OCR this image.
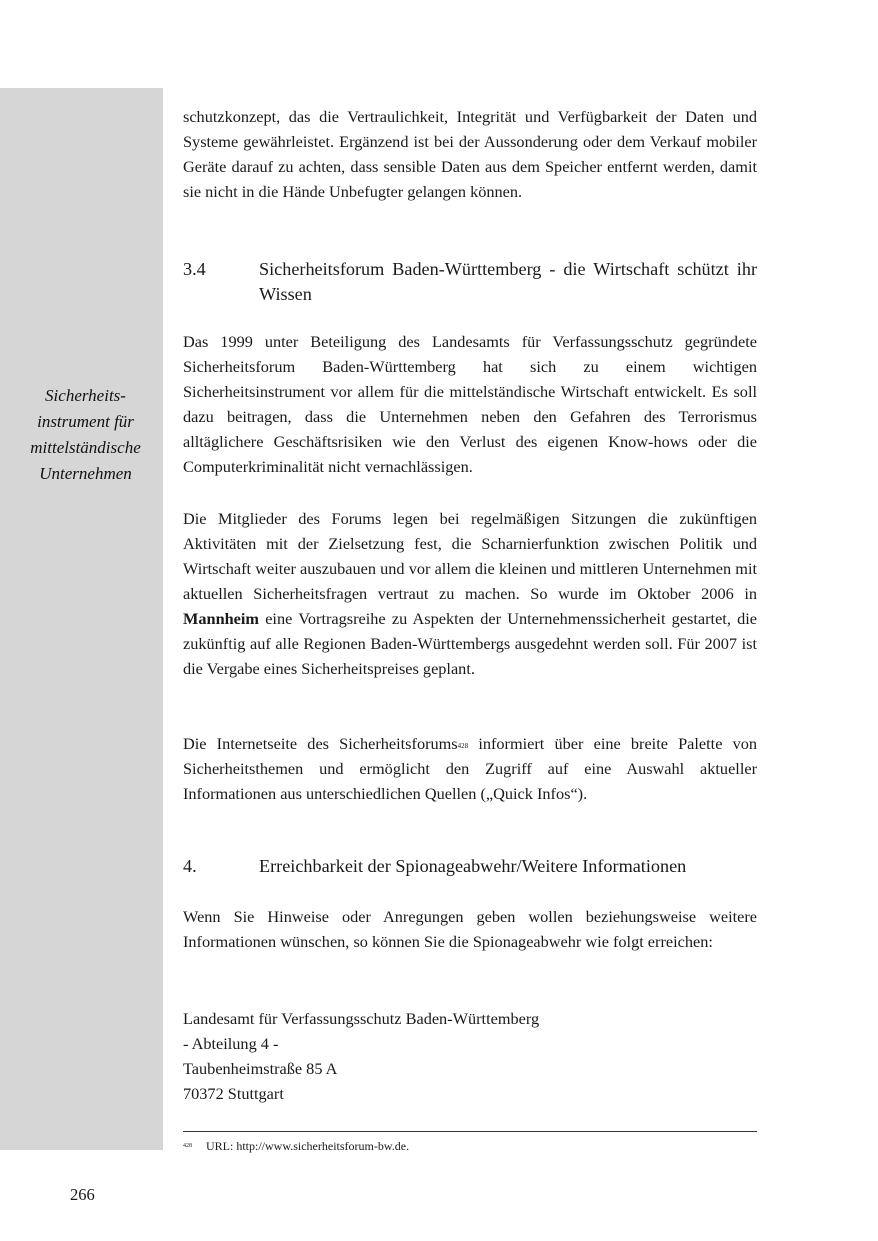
Sicherheits-
instrument für
mittelständische
Unternehmen

schutzkonzept, das die Vertraulichkeit, Integrität und Verfügbarkeit der Daten und Systeme gewährleistet. Ergänzend ist bei der Aussonderung oder dem Verkauf mobiler Geräte darauf zu achten, dass sensible Daten aus dem Speicher entfernt werden, damit sie nicht in die Hände Unbefugter gelangen können.

3.4	Sicherheitsforum Baden-Württemberg - die Wirtschaft schützt ihr Wissen

Das 1999 unter Beteiligung des Landesamts für Verfassungsschutz gegründete Sicherheitsforum Baden-Württemberg hat sich zu einem wichtigen Sicherheitsinstrument vor allem für die mittelständische Wirtschaft entwickelt. Es soll dazu beitragen, dass die Unternehmen neben den Gefahren des Terrorismus alltäglichere Geschäftsrisiken wie den Verlust des eigenen Know-hows oder die Computerkriminalität nicht vernachlässigen.

Die Mitglieder des Forums legen bei regelmäßigen Sitzungen die zukünftigen Aktivitäten mit der Zielsetzung fest, die Scharnierfunktion zwischen Politik und Wirtschaft weiter auszubauen und vor allem die kleinen und mittleren Unternehmen mit aktuellen Sicherheitsfragen vertraut zu machen. So wurde im Oktober 2006 in Mannheim eine Vortragsreihe zu Aspekten der Unternehmenssicherheit gestartet, die zukünftig auf alle Regionen Baden-Württembergs ausgedehnt werden soll. Für 2007 ist die Vergabe eines Sicherheitspreises geplant.

Die Internetseite des Sicherheitsforums$^{428}$ informiert über eine breite Palette von Sicherheitsthemen und ermöglicht den Zugriff auf eine Auswahl aktueller Informationen aus unterschiedlichen Quellen („Quick Infos“).

4.	Erreichbarkeit der Spionageabwehr/Weitere Informationen

Wenn Sie Hinweise oder Anregungen geben wollen beziehungsweise weitere Informationen wünschen, so können Sie die Spionageabwehr wie folgt erreichen:

Landesamt für Verfassungsschutz Baden-Württemberg
- Abteilung 4 -
Taubenheimstraße 85 A
70372 Stuttgart
$^{428}$ URL: http://www.sicherheitsforum-bw.de.
266
